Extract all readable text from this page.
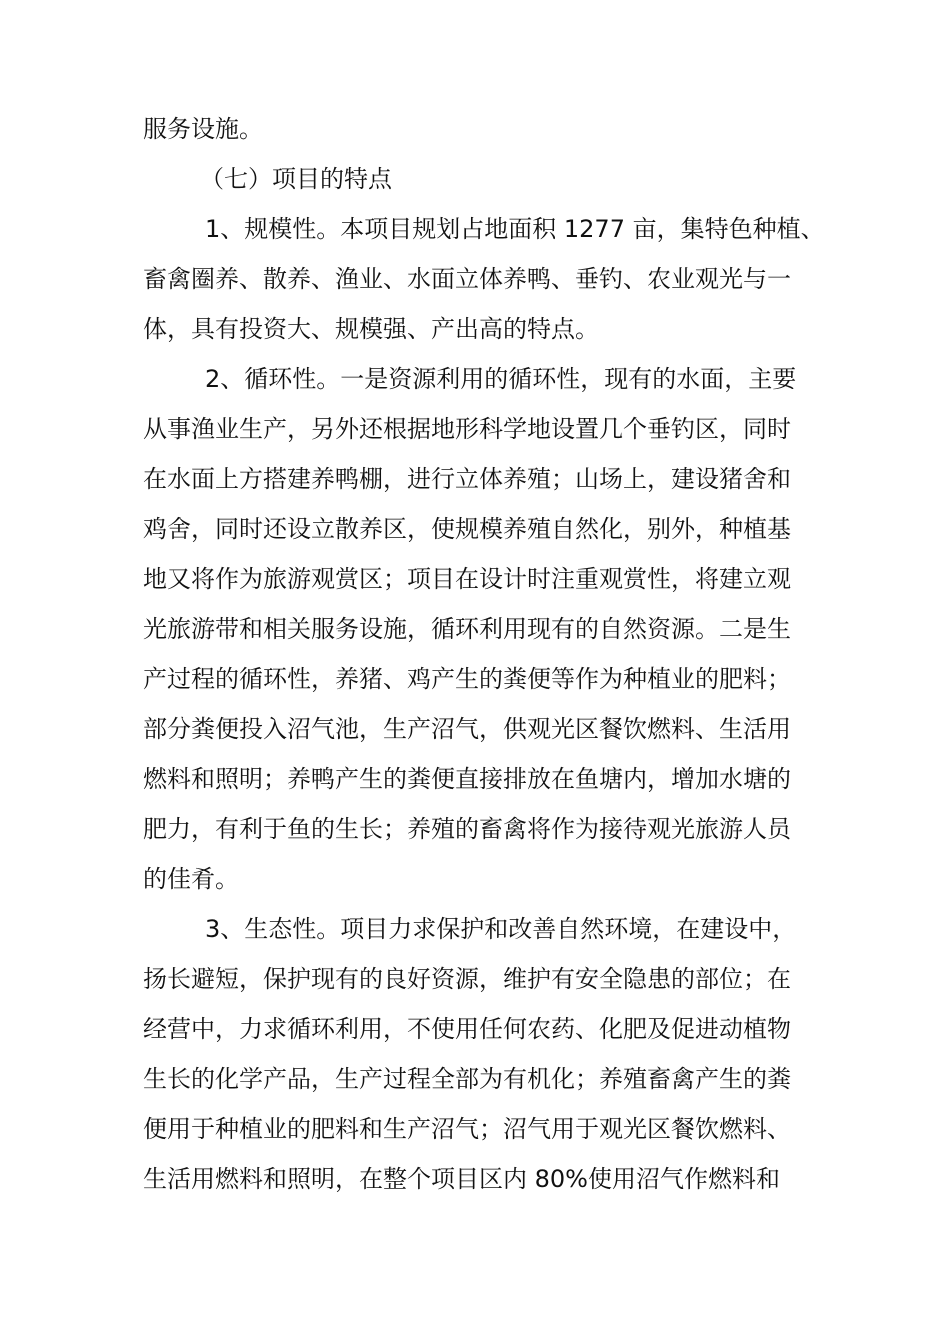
服务设施。
（七）项目的特点
1、规模性。本项目规划占地面积 1277 亩，集特色种植、
畜禽圈养、散养、渔业、水面立体养鸭、垂钓、农业观光与一
体，具有投资大、规模强、产出高的特点。
2、循环性。一是资源利用的循环性，现有的水面，主要
从事渔业生产，另外还根据地形科学地设置几个垂钓区，同时
在水面上方搭建养鸭棚，进行立体养殖；山场上，建设猪舍和
鸡舍，同时还设立散养区，使规模养殖自然化，别外，种植基
地又将作为旅游观赏区；项目在设计时注重观赏性，将建立观
光旅游带和相关服务设施，循环利用现有的自然资源。二是生
产过程的循环性，养猪、鸡产生的粪便等作为种植业的肥料；
部分粪便投入沼气池，生产沼气，供观光区餐饮燃料、生活用
燃料和照明；养鸭产生的粪便直接排放在鱼塘内，增加水塘的
肥力，有利于鱼的生长；养殖的畜禽将作为接待观光旅游人员
的佳肴。
3、生态性。项目力求保护和改善自然环境，在建设中，
扬长避短，保护现有的良好资源，维护有安全隐患的部位；在
经营中，力求循环利用，不使用任何农药、化肥及促进动植物
生长的化学产品，生产过程全部为有机化；养殖畜禽产生的粪
便用于种植业的肥料和生产沼气；沼气用于观光区餐饮燃料、
生活用燃料和照明，在整个项目区内 80%使用沼气作燃料和
